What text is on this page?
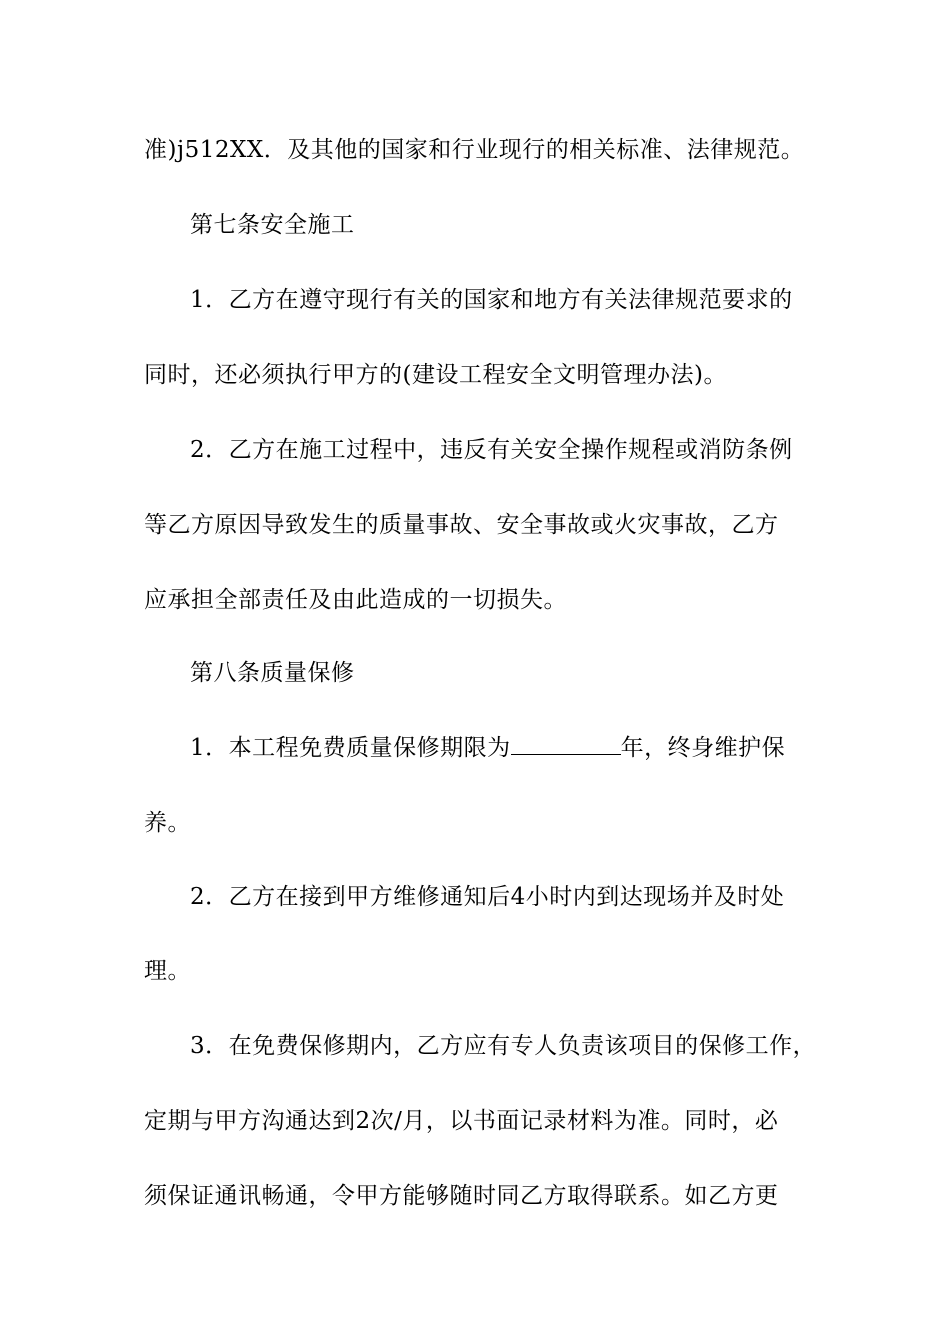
准)j512XX．及其他的国家和行业现行的相关标准、法律规范。
第七条安全施工
1．乙方在遵守现行有关的国家和地方有关法律规范要求的
同时，还必须执行甲方的(建设工程安全文明管理办法)。
2．乙方在施工过程中，违反有关安全操作规程或消防条例
等乙方原因导致发生的质量事故、安全事故或火灾事故，乙方
应承担全部责任及由此造成的一切损失。
第八条质量保修
1．本工程免费质量保修期限为	年，终身维护保
养。
2．乙方在接到甲方维修通知后4小时内到达现场并及时处
理。
3．在免费保修期内，乙方应有专人负责该项目的保修工作，
定期与甲方沟通达到2次/月，以书面记录材料为准。同时，必
须保证通讯畅通，令甲方能够随时同乙方取得联系。如乙方更
